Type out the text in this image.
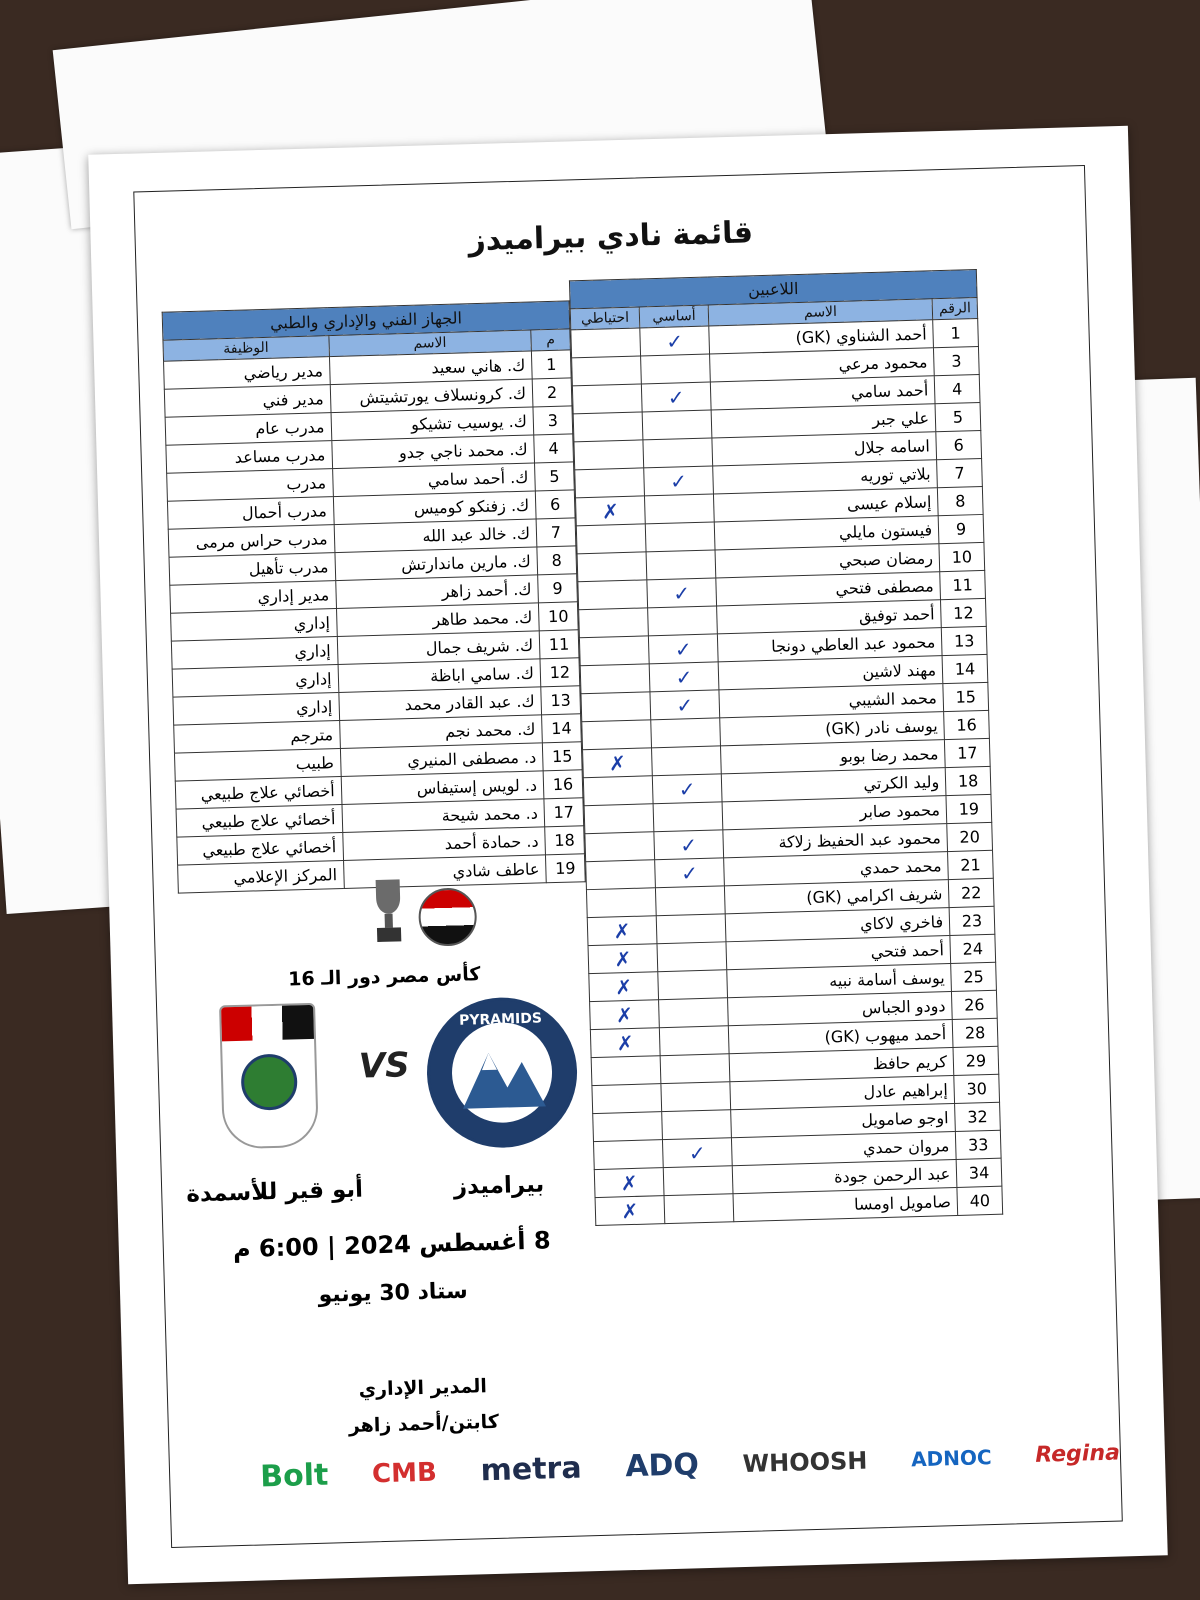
قائمة نادي بيراميدز
اللاعبين			
الرقم	الاسم	أساسي	احتياطي
1	أحمد الشناوي (GK)	✓	
3	محمود مرعي		
4	أحمد سامي	✓	
5	علي جبر		
6	اسامه جلال		
7	بلاتي توريه	✓	
8	إسلام عيسى		✗
9	فيستون مايلي		
10	رمضان صبحي		
11	مصطفى فتحي	✓	
12	أحمد توفيق		
13	محمود عبد العاطي دونجا	✓	
14	مهند لاشين	✓	
15	محمد الشيبي	✓	
16	يوسف نادر (GK)		
17	محمد رضا بوبو		✗
18	وليد الكرتي	✓	
19	محمود صابر		
20	محمود عبد الحفيظ زلاكة	✓	
21	محمد حمدي	✓	
22	شريف اكرامي (GK)		
23	فاخري لاكاي		✗
24	أحمد فتحي		✗
25	يوسف أسامة نبيه		✗
26	دودو الجباس		✗
28	أحمد ميهوب (GK)		✗
29	كريم حافظ		
30	إبراهيم عادل		
32	اوجو صامويل		
33	مروان حمدي	✓	
34	عبد الرحمن جودة		✗
40	صامويل اومسا		✗
الجهاز الفني والإداري والطبي		
م	الاسم	الوظيفة
1	ك. هاني سعيد	مدير رياضي
2	ك. كرونسلاف يورتشيتش	مدير فني
3	ك. يوسيب تشيكو	مدرب عام
4	ك. محمد ناجي جدو	مدرب مساعد
5	ك. أحمد سامي	مدرب
6	ك. زفنكو كوميس	مدرب أحمال
7	ك. خالد عبد الله	مدرب حراس مرمى
8	ك. مارين ماندارتش	مدرب تأهيل
9	ك. أحمد زاهر	مدير إداري
10	ك. محمد طاهر	إداري
11	ك. شريف جمال	إداري
12	ك. سامي اباظة	إداري
13	ك. عبد القادر محمد	إداري
14	ك. محمد نجم	مترجم
15	د. مصطفى المنيري	طبيب
16	د. لويس إستيفاس	أخصائي علاج طبيعي
17	د. محمد شيحة	أخصائي علاج طبيعي
18	د. حمادة أحمد	أخصائي علاج طبيعي
19	عاطف شادي	المركز الإعلامي
كأس مصر دور الـ 16
PYRAMIDS
VS
بيراميدز
أبو قير للأسمدة
8 أغسطس 2024 | 6:00 م
ستاد 30 يونيو
المدير الإداري
كابتن/أحمد زاهر
Bolt CMB metra ADQ WHOOSH ADNOC Regina
